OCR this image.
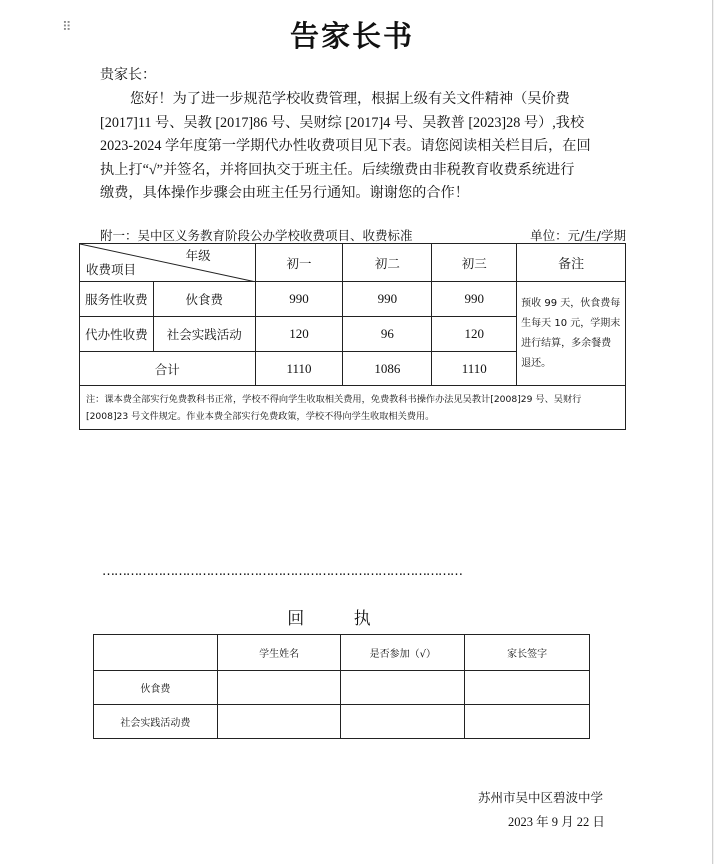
⠿	告家长书
贵家长：
您好！为了进一步规范学校收费管理，根据上级有关文件精神（吴价费
[2017]11 号、吴教 [2017]86 号、吴财综 [2017]4 号、吴教普 [2023]28 号）,我校
2023-2024 学年度第一学期代办性收费项目见下表。请您阅读相关栏目后，在回
执上打“√”并签名，并将回执交于班主任。后续缴费由非税教育收费系统进行
缴费，具体操作步骤会由班主任另行通知。谢谢您的合作！
附一：吴中区义务教育阶段公办学校收费项目、收费标准	单位：元/生/学期
年级
收费项目		初一	初二	初三	备注
服务性收费	伙食费	990	990	990	预收 99 天，伙食费每生每天 10 元，学期末进行结算，多余餐费退还。
代办性收费	社会实践活动	120	96	120	
合计		1110	1086	1110	
注：课本费全部实行免费教科书正常，学校不得向学生收取相关费用，免费教科书操作办法见吴教计[2008]29 号、吴财行 [2008]23 号文件规定。作业本费全部实行免费政策，学校不得向学生收取相关费用。					
………………………………………………………………………………
回 执
	学生姓名	是否参加（√）	家长签字
伙食费			
社会实践活动费			
苏州市吴中区碧波中学
2023 年 9 月 22 日
